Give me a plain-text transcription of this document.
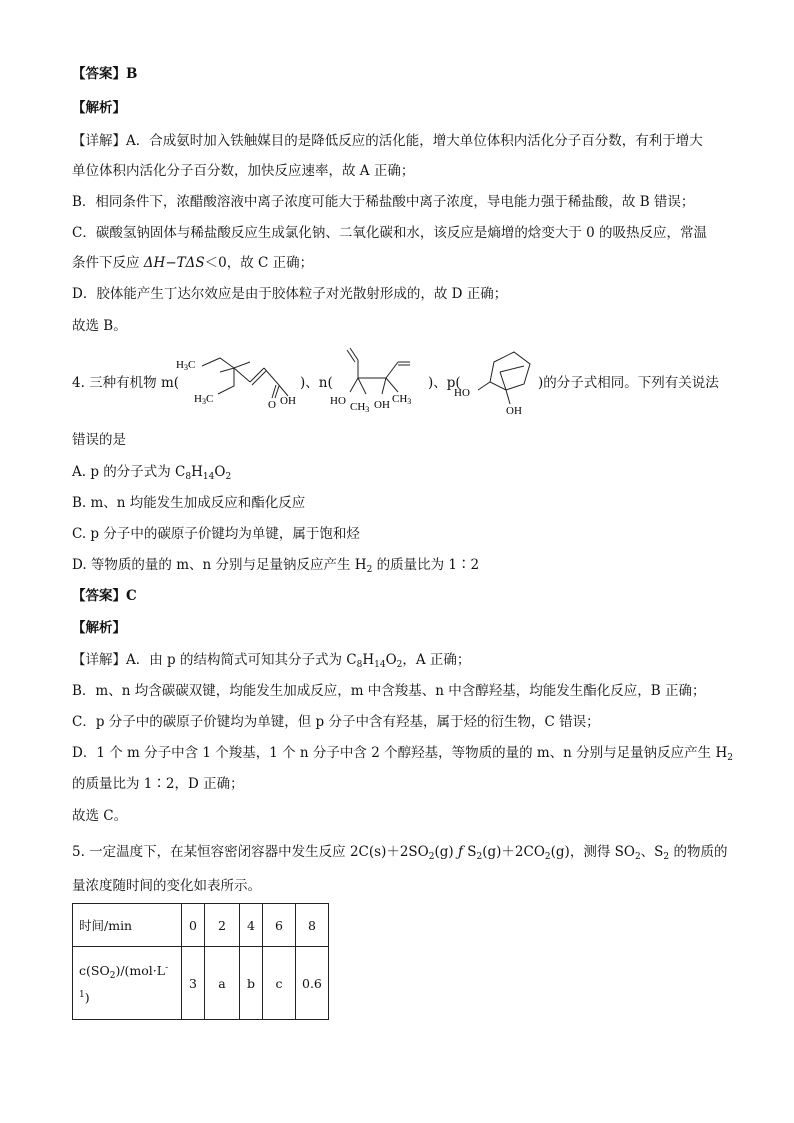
【答案】B
【解析】
【详解】A．合成氨时加入铁触媒目的是降低反应的活化能，增大单位体积内活化分子百分数，有利于增大
单位体积内活化分子百分数，加快反应速率，故 A 正确；
B．相同条件下，浓醋酸溶液中离子浓度可能大于稀盐酸中离子浓度，导电能力强于稀盐酸，故 B 错误；
C．碳酸氢钠固体与稀盐酸反应生成氯化钠、二氧化碳和水，该反应是熵增的焓变大于 0 的吸热反应，常温
条件下反应 ΔH−TΔS＜0，故 C 正确；
D．胶体能产生丁达尔效应是由于胶体粒子对光散射形成的，故 D 正确；
故选 B。
4. 三种有机物 m(
H3C
H3C	O OH
)、n(
HO CH3 OH CH3
)、p(
HO
OH
)的分子式相同。下列有关说法
错误的是
A. p 的分子式为 $C_8H_{14}O_2$
B. m、n 均能发生加成反应和酯化反应
C. p 分子中的碳原子价键均为单键，属于饱和烃
D. 等物质的量的 m、n 分别与足量钠反应产生 $H_2$ 的质量比为 1∶2
【答案】C
【解析】
【详解】A．由 p 的结构简式可知其分子式为 $C_8H_{14}O_2$，A 正确；
B．m、n 均含碳碳双键，均能发生加成反应，m 中含羧基、n 中含醇羟基，均能发生酯化反应，B 正确；
C．p 分子中的碳原子价键均为单键，但 p 分子中含有羟基，属于烃的衍生物，C 错误；
D．1 个 m 分子中含 1 个羧基，1 个 n 分子中含 2 个醇羟基，等物质的量的 m、n 分别与足量钠反应产生 $H_2$
的质量比为 1∶2，D 正确；
故选 C。
5. 一定温度下，在某恒容密闭容器中发生反应 $2C(s)+2SO_2(g)$ ƒ $S_2(g)+2CO_2(g)$，测得 $SO_2$、$S_2$ 的物质的
量浓度随时间的变化如表所示。
时间/min	0	2	4	6	8
$c(SO_2)/(mol\cdot L^-$
$^1$)	3	a	b	c	0.6
